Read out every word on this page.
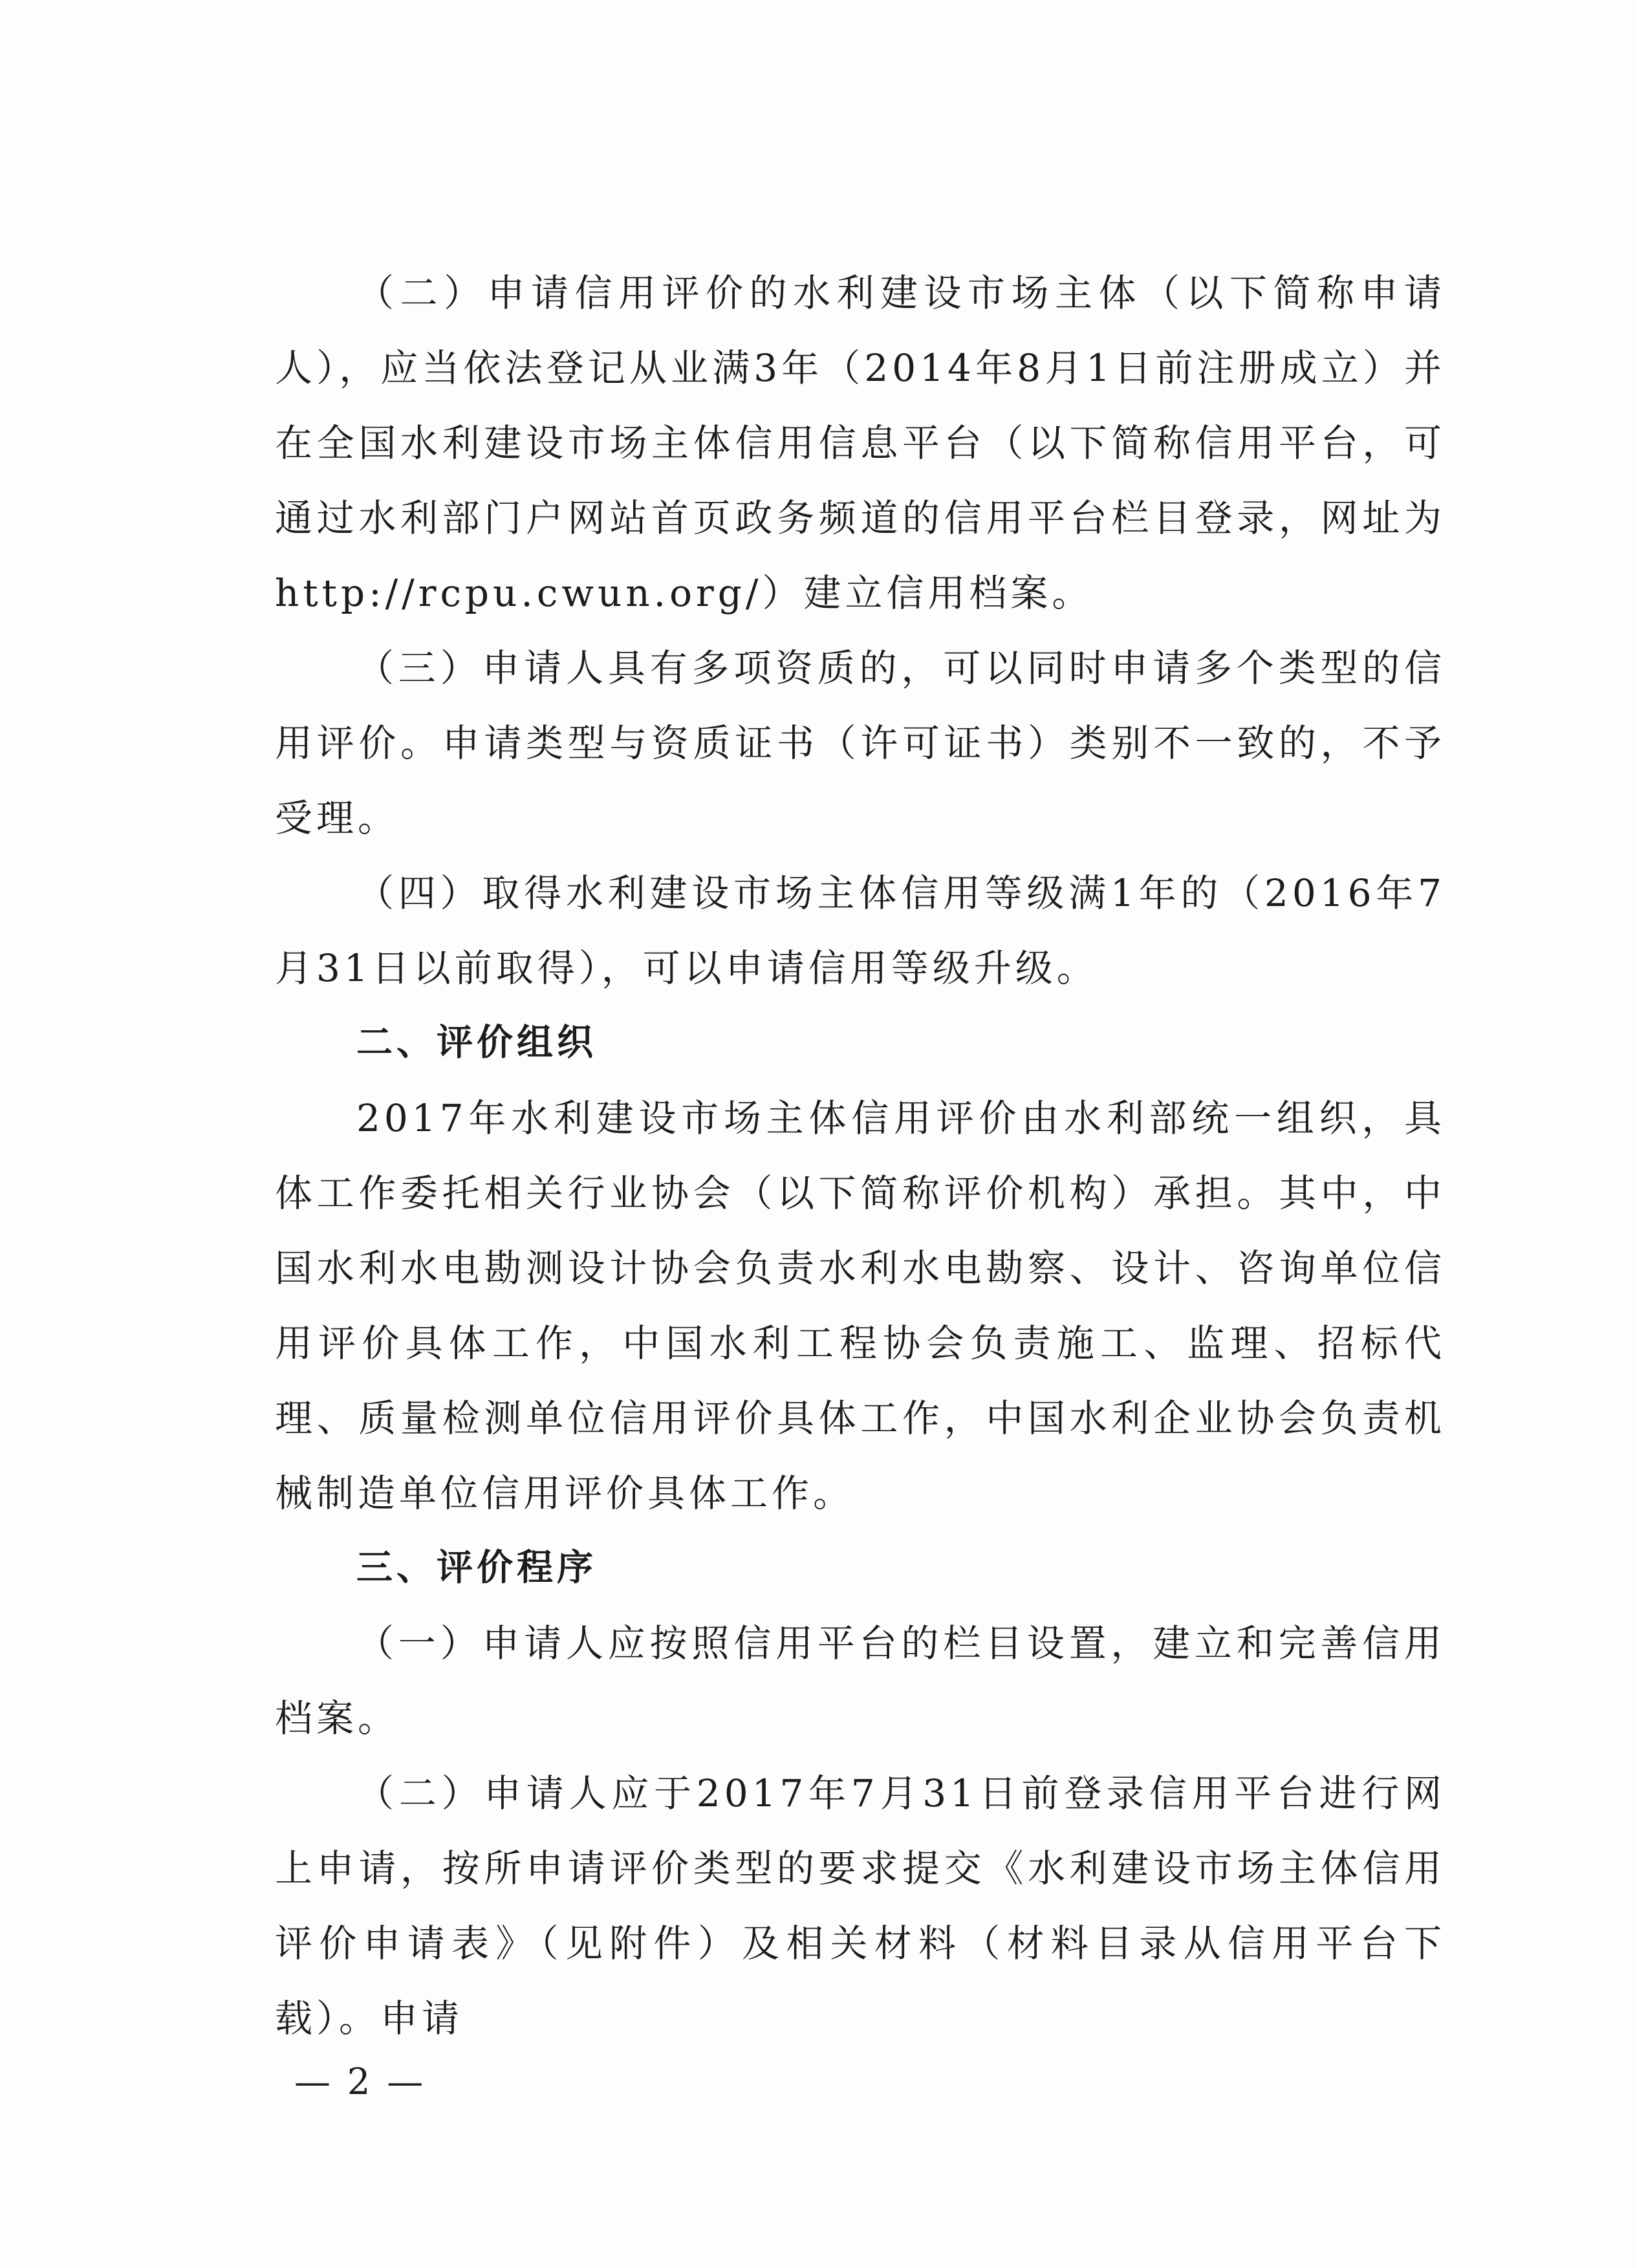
（二）申请信用评价的水利建设市场主体（以下简称申请人），应当依法登记从业满3年（2014年8月1日前注册成立）并在全国水利建设市场主体信用信息平台（以下简称信用平台，可通过水利部门户网站首页政务频道的信用平台栏目登录，网址为http://rcpu.cwun.org/）建立信用档案。

（三）申请人具有多项资质的，可以同时申请多个类型的信用评价。申请类型与资质证书（许可证书）类别不一致的，不予受理。

（四）取得水利建设市场主体信用等级满1年的（2016年7月31日以前取得），可以申请信用等级升级。

二、评价组织

2017年水利建设市场主体信用评价由水利部统一组织，具体工作委托相关行业协会（以下简称评价机构）承担。其中，中国水利水电勘测设计协会负责水利水电勘察、设计、咨询单位信用评价具体工作，中国水利工程协会负责施工、监理、招标代理、质量检测单位信用评价具体工作，中国水利企业协会负责机械制造单位信用评价具体工作。

三、评价程序

（一）申请人应按照信用平台的栏目设置，建立和完善信用档案。

（二）申请人应于2017年7月31日前登录信用平台进行网上申请，按所申请评价类型的要求提交《水利建设市场主体信用评价申请表》（见附件）及相关材料（材料目录从信用平台下载）。申请

— 2 —
